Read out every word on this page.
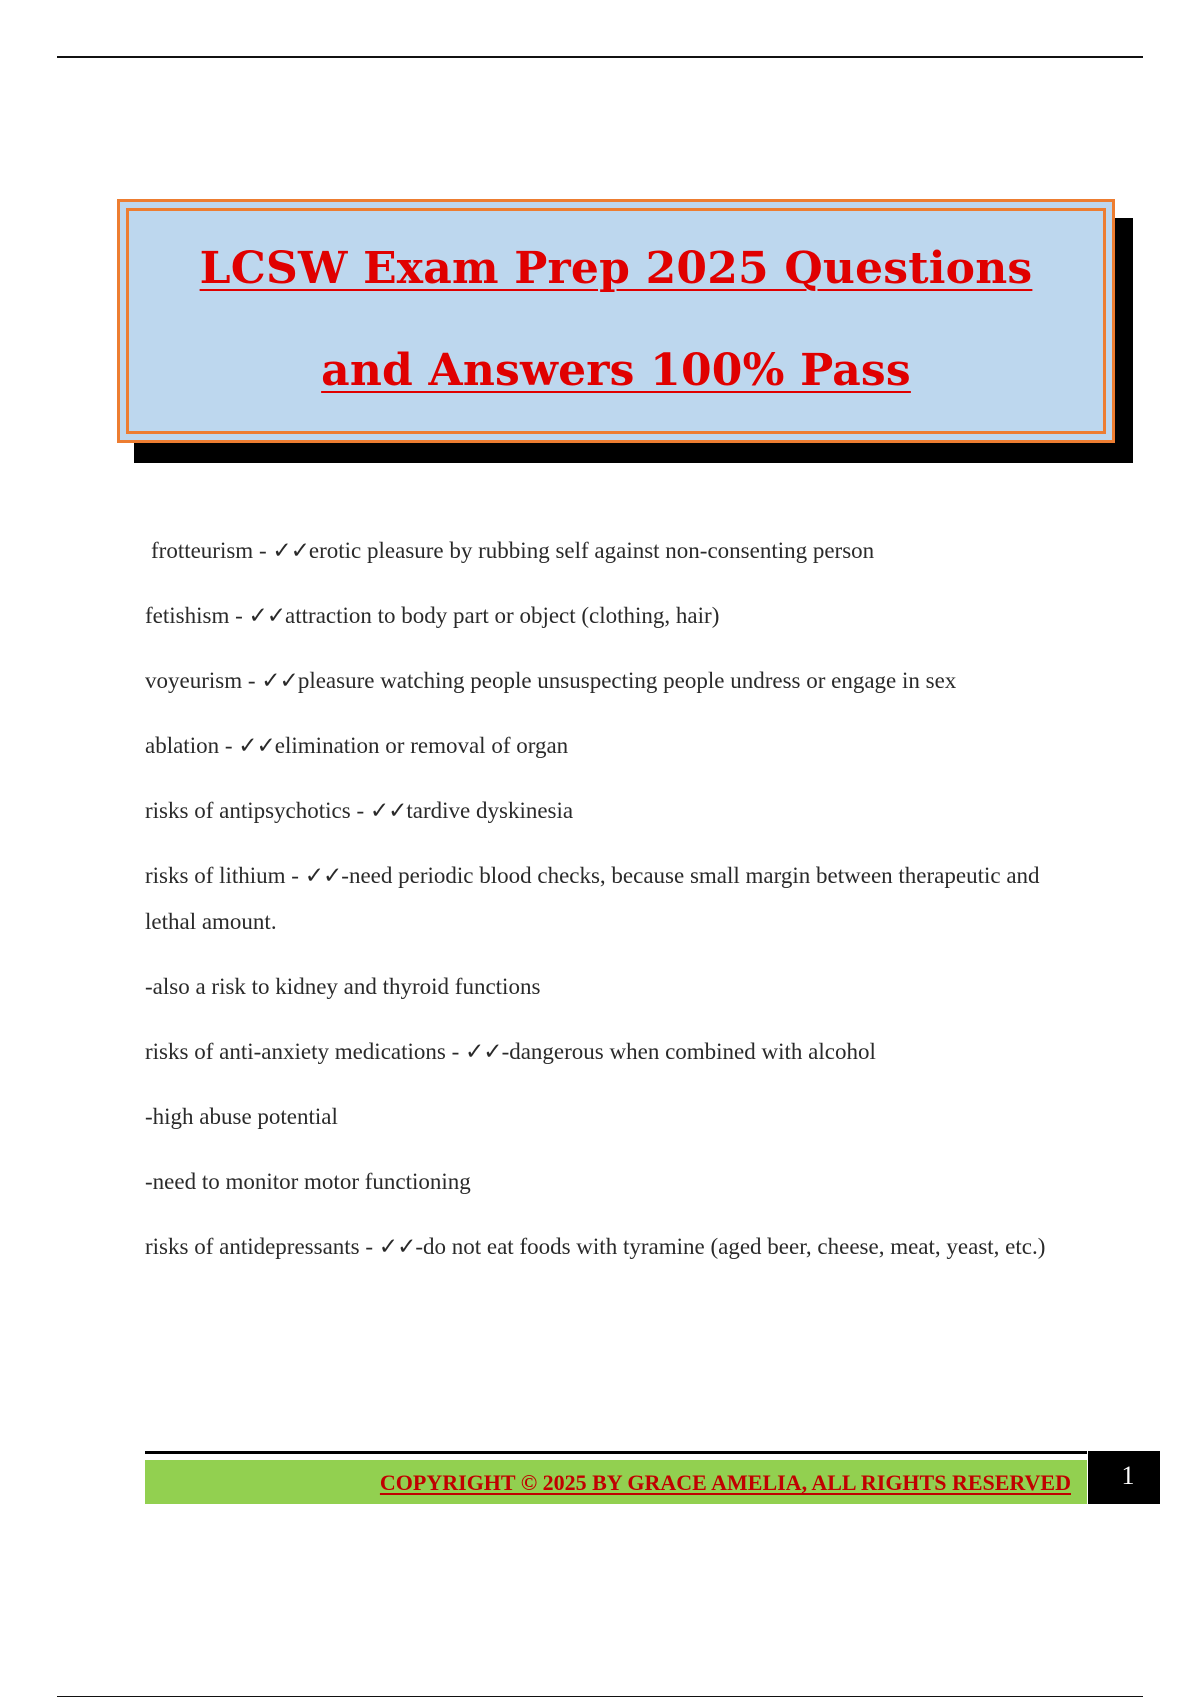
LCSW Exam Prep 2025 Questions
and Answers 100% Pass

frotteurism - ✓✓erotic pleasure by rubbing self against non-consenting person

fetishism - ✓✓attraction to body part or object (clothing, hair)

voyeurism - ✓✓pleasure watching people unsuspecting people undress or engage in sex

ablation - ✓✓elimination or removal of organ

risks of antipsychotics - ✓✓tardive dyskinesia

risks of lithium - ✓✓-need periodic blood checks, because small margin between therapeutic and lethal amount.

-also a risk to kidney and thyroid functions

risks of anti-anxiety medications - ✓✓-dangerous when combined with alcohol

-high abuse potential

-need to monitor motor functioning

risks of antidepressants - ✓✓-do not eat foods with tyramine (aged beer, cheese, meat, yeast, etc.)

COPYRIGHT © 2025 BY GRACE AMELIA, ALL RIGHTS RESERVED	1
